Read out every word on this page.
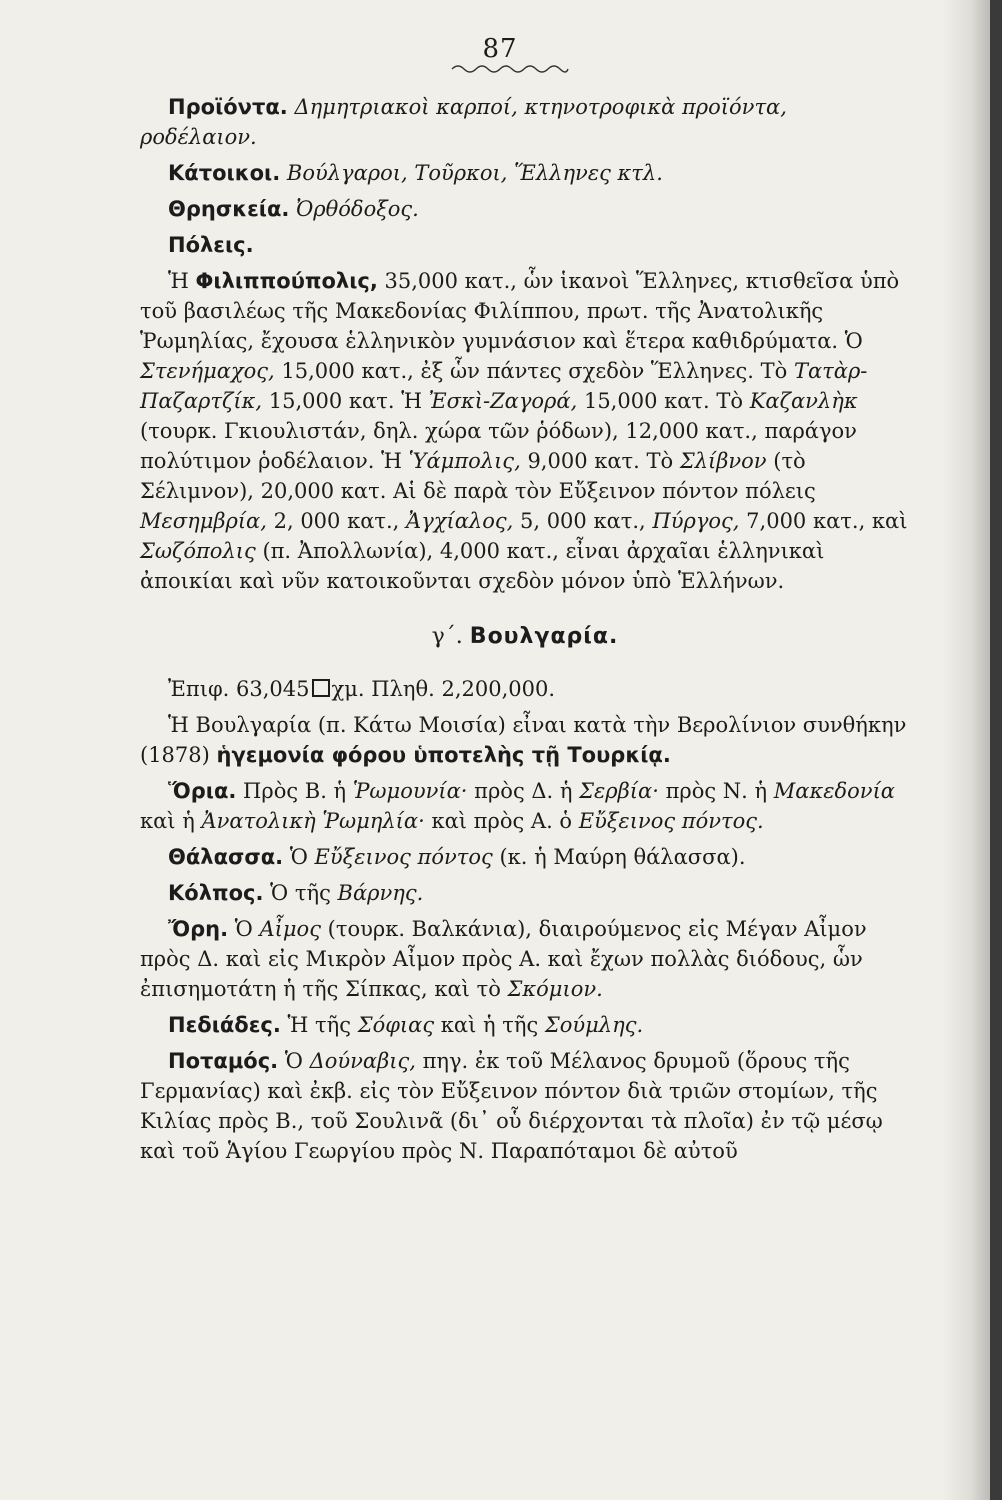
87

Προϊόντα. Δημητριακοὶ καρποί, κτηνοτροφικὰ προϊόντα, ροδέλαιον.

Κάτοικοι. Βούλγαροι, Τοῦρκοι, Ἕλληνες κτλ.

Θρησκεία. Ὀρθόδοξος.

Πόλεις.

Ἡ Φιλιππούπολις, 35,000 κατ., ὧν ἱκανοὶ Ἕλληνες, κτισθεῖσα ὑπὸ τοῦ βασιλέως τῆς Μακεδονίας Φιλίππου, πρωτ. τῆς Ἀνατολικῆς Ῥωμηλίας, ἔχουσα ἑλληνικὸν γυμνάσιον καὶ ἕτερα καθιδρύματα. Ὁ Στενήμαχος, 15,000 κατ., ἐξ ὧν πάντες σχεδὸν Ἕλληνες. Τὸ Τατὰρ-Παζαρτζίκ, 15,000 κατ. Ἡ Ἐσκὶ-Ζαγορά, 15,000 κατ. Τὸ Καζανλὴκ (τουρκ. Γκιουλιστάν, δηλ. χώρα τῶν ῥόδων), 12,000 κατ., παράγον πολύτιμον ῥοδέλαιον. Ἡ Ὑάμπολις, 9,000 κατ. Τὸ Σλίβνον (τὸ Σέλιμνον), 20,000 κατ. Αἱ δὲ παρὰ τὸν Εὔξεινον πόντον πόλεις Μεσημβρία, 2, 000 κατ., Ἀγχίαλος, 5, 000 κατ., Πύργος, 7,000 κατ., καὶ Σωζόπολις (π. Ἀπολλωνία), 4,000 κατ., εἶναι ἀρχαῖαι ἑλληνικαὶ ἀποικίαι καὶ νῦν κατοικοῦνται σχεδὸν μόνον ὑπὸ Ἑλλήνων.

γ΄. Βουλγαρία.

Ἐπιφ. 63,045 χμ. Πληθ. 2,200,000.

Ἡ Βουλγαρία (π. Κάτω Μοισία) εἶναι κατὰ τὴν Βερολίνιον συνθήκην (1878) ἡγεμονία φόρου ὑποτελὴς τῇ Τουρκίᾳ.

Ὅρια. Πρὸς Β. ἡ Ῥωμουνία· πρὸς Δ. ἡ Σερβία· πρὸς Ν. ἡ Μακεδονία καὶ ἡ Ἀνατολικὴ Ῥωμηλία· καὶ πρὸς Α. ὁ Εὔξεινος πόντος.

Θάλασσα. Ὁ Εὔξεινος πόντος (κ. ἡ Μαύρη θάλασσα).

Κόλπος. Ὁ τῆς Βάρνης.

Ὄρη. Ὁ Αἶμος (τουρκ. Βαλκάνια), διαιρούμενος εἰς Μέγαν Αἶμον πρὸς Δ. καὶ εἰς Μικρὸν Αἶμον πρὸς Α. καὶ ἔχων πολλὰς διόδους, ὧν ἐπισημοτάτη ἡ τῆς Σίπκας, καὶ τὸ Σκόμιον.

Πεδιάδες. Ἡ τῆς Σόφιας καὶ ἡ τῆς Σούμλης.

Ποταμός. Ὁ Δούναβις, πηγ. ἐκ τοῦ Μέλανος δρυμοῦ (ὅρους τῆς Γερμανίας) καὶ ἐκβ. εἰς τὸν Εὔξεινον πόντον διὰ τριῶν στομίων, τῆς Κιλίας πρὸς Β., τοῦ Σουλινᾶ (δι᾽ οὗ διέρχονται τὰ πλοῖα) ἐν τῷ μέσῳ καὶ τοῦ Ἁγίου Γεωργίου πρὸς Ν. Παραπόταμοι δὲ αὐτοῦ
